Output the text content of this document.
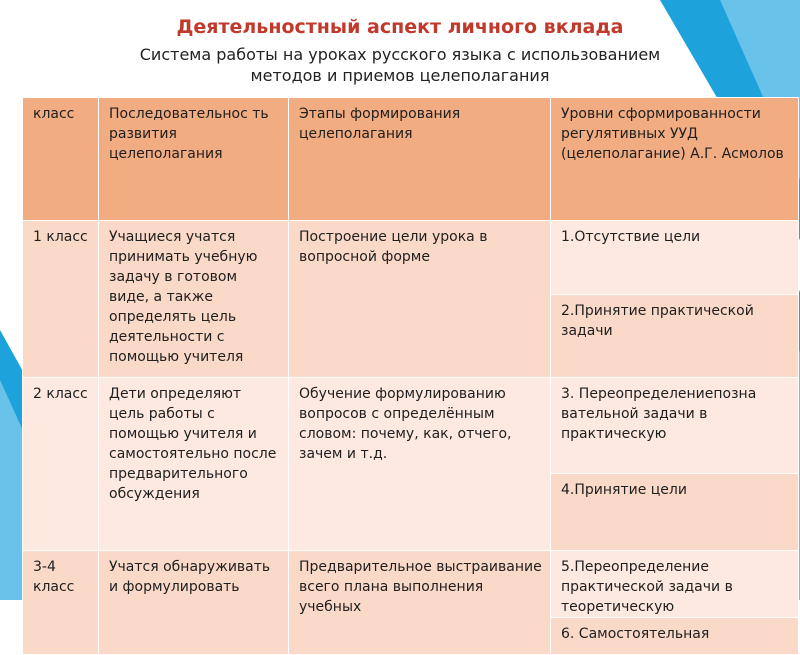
Деятельностный аспект личного вклада
Система работы на уроках русского языка с использованием
методов и приемов целеполагания
класс	Последовательнос ть развития целеполагания	Этапы формирования целеполагания	Уровни сформированности регулятивных УУД (целеполагание) А.Г. Асмолов
1 класс	Учащиеся учатся принимать учебную задачу в готовом виде, а также определять цель деятельности с помощью учителя	Построение цели урока в вопросной форме	1.Отсутствие цели
			2.Принятие практической задачи
2 класс	Дети определяют цель работы с помощью учителя и самостоятельно после предварительного обсуждения	Обучение формулированию вопросов с определённым словом: почему, как, отчего, зачем и т.д.	3. Переопределениепозна вательной задачи в практическую
			4.Принятие цели
3-4 класс	Учатся обнаруживать и формулировать	Предварительное выстраивание всего плана выполнения учебных	5.Переопределение практической задачи в теоретическую
			6. Самостоятельная
